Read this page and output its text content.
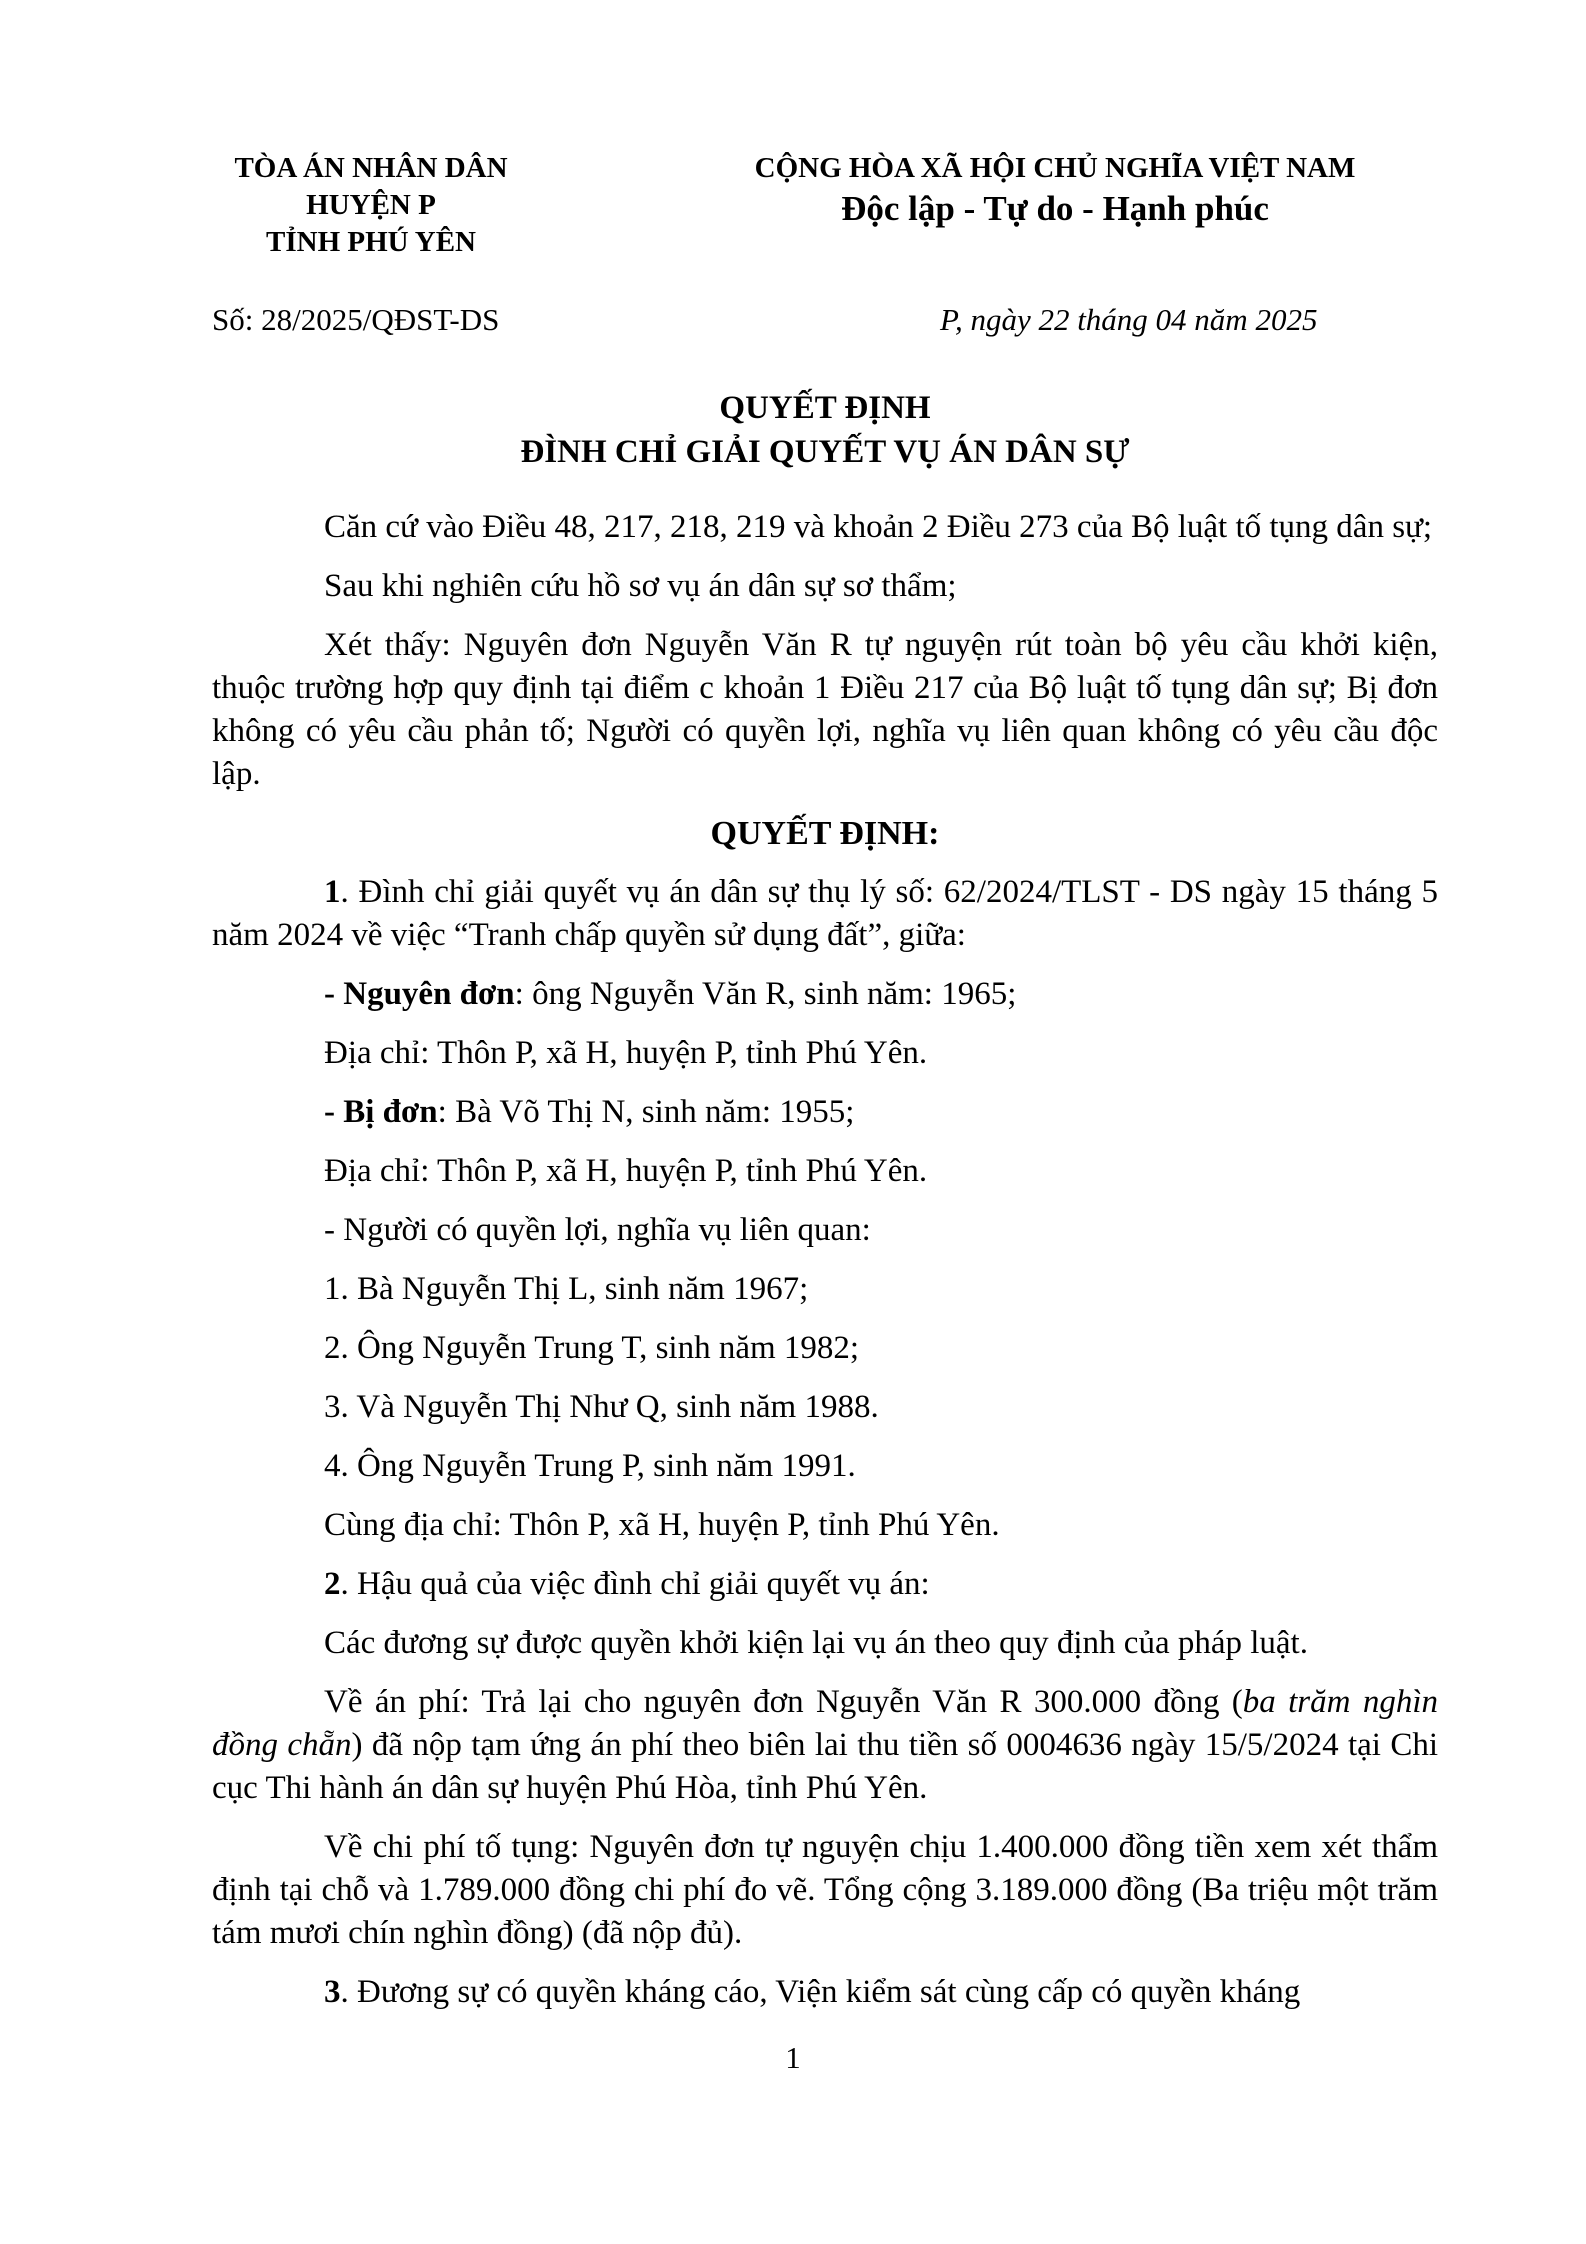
TÒA ÁN NHÂN DÂN
HUYỆN P
TỈNH PHÚ YÊN
CỘNG HÒA XÃ HỘI CHỦ NGHĨA VIỆT NAM
Độc lập - Tự do - Hạnh phúc
Số: 28/2025/QĐST-DS	P, ngày 22 tháng 04 năm 2025
QUYẾT ĐỊNH
ĐÌNH CHỈ GIẢI QUYẾT VỤ ÁN DÂN SỰ

Căn cứ vào Điều 48, 217, 218, 219 và khoản 2 Điều 273 của Bộ luật tố tụng dân sự;

Sau khi nghiên cứu hồ sơ vụ án dân sự sơ thẩm;

Xét thấy: Nguyên đơn Nguyễn Văn R tự nguyện rút toàn bộ yêu cầu khởi kiện, thuộc trường hợp quy định tại điểm c khoản 1 Điều 217 của Bộ luật tố tụng dân sự; Bị đơn không có yêu cầu phản tố; Người có quyền lợi, nghĩa vụ liên quan không có yêu cầu độc lập.

QUYẾT ĐỊNH:

1. Đình chỉ giải quyết vụ án dân sự thụ lý số: 62/2024/TLST - DS ngày 15 tháng 5 năm 2024 về việc “Tranh chấp quyền sử dụng đất”, giữa:

- Nguyên đơn: ông Nguyễn Văn R, sinh năm: 1965;

Địa chỉ: Thôn P, xã H, huyện P, tỉnh Phú Yên.

- Bị đơn: Bà Võ Thị N, sinh năm: 1955;

Địa chỉ: Thôn P, xã H, huyện P, tỉnh Phú Yên.

- Người có quyền lợi, nghĩa vụ liên quan:

1. Bà Nguyễn Thị L, sinh năm 1967;

2. Ông Nguyễn Trung T, sinh năm 1982;

3. Và Nguyễn Thị Như Q, sinh năm 1988.

4. Ông Nguyễn Trung P, sinh năm 1991.

Cùng địa chỉ: Thôn P, xã H, huyện P, tỉnh Phú Yên.

2. Hậu quả của việc đình chỉ giải quyết vụ án:

Các đương sự được quyền khởi kiện lại vụ án theo quy định của pháp luật.

Về án phí: Trả lại cho nguyên đơn Nguyễn Văn R 300.000 đồng (ba trăm nghìn đồng chẵn) đã nộp tạm ứng án phí theo biên lai thu tiền số 0004636 ngày 15/5/2024 tại Chi cục Thi hành án dân sự huyện Phú Hòa, tỉnh Phú Yên.

Về chi phí tố tụng: Nguyên đơn tự nguyện chịu 1.400.000 đồng tiền xem xét thẩm định tại chỗ và 1.789.000 đồng chi phí đo vẽ. Tổng cộng 3.189.000 đồng (Ba triệu một trăm tám mươi chín nghìn đồng) (đã nộp đủ).

3. Đương sự có quyền kháng cáo, Viện kiểm sát cùng cấp có quyền kháng

1
